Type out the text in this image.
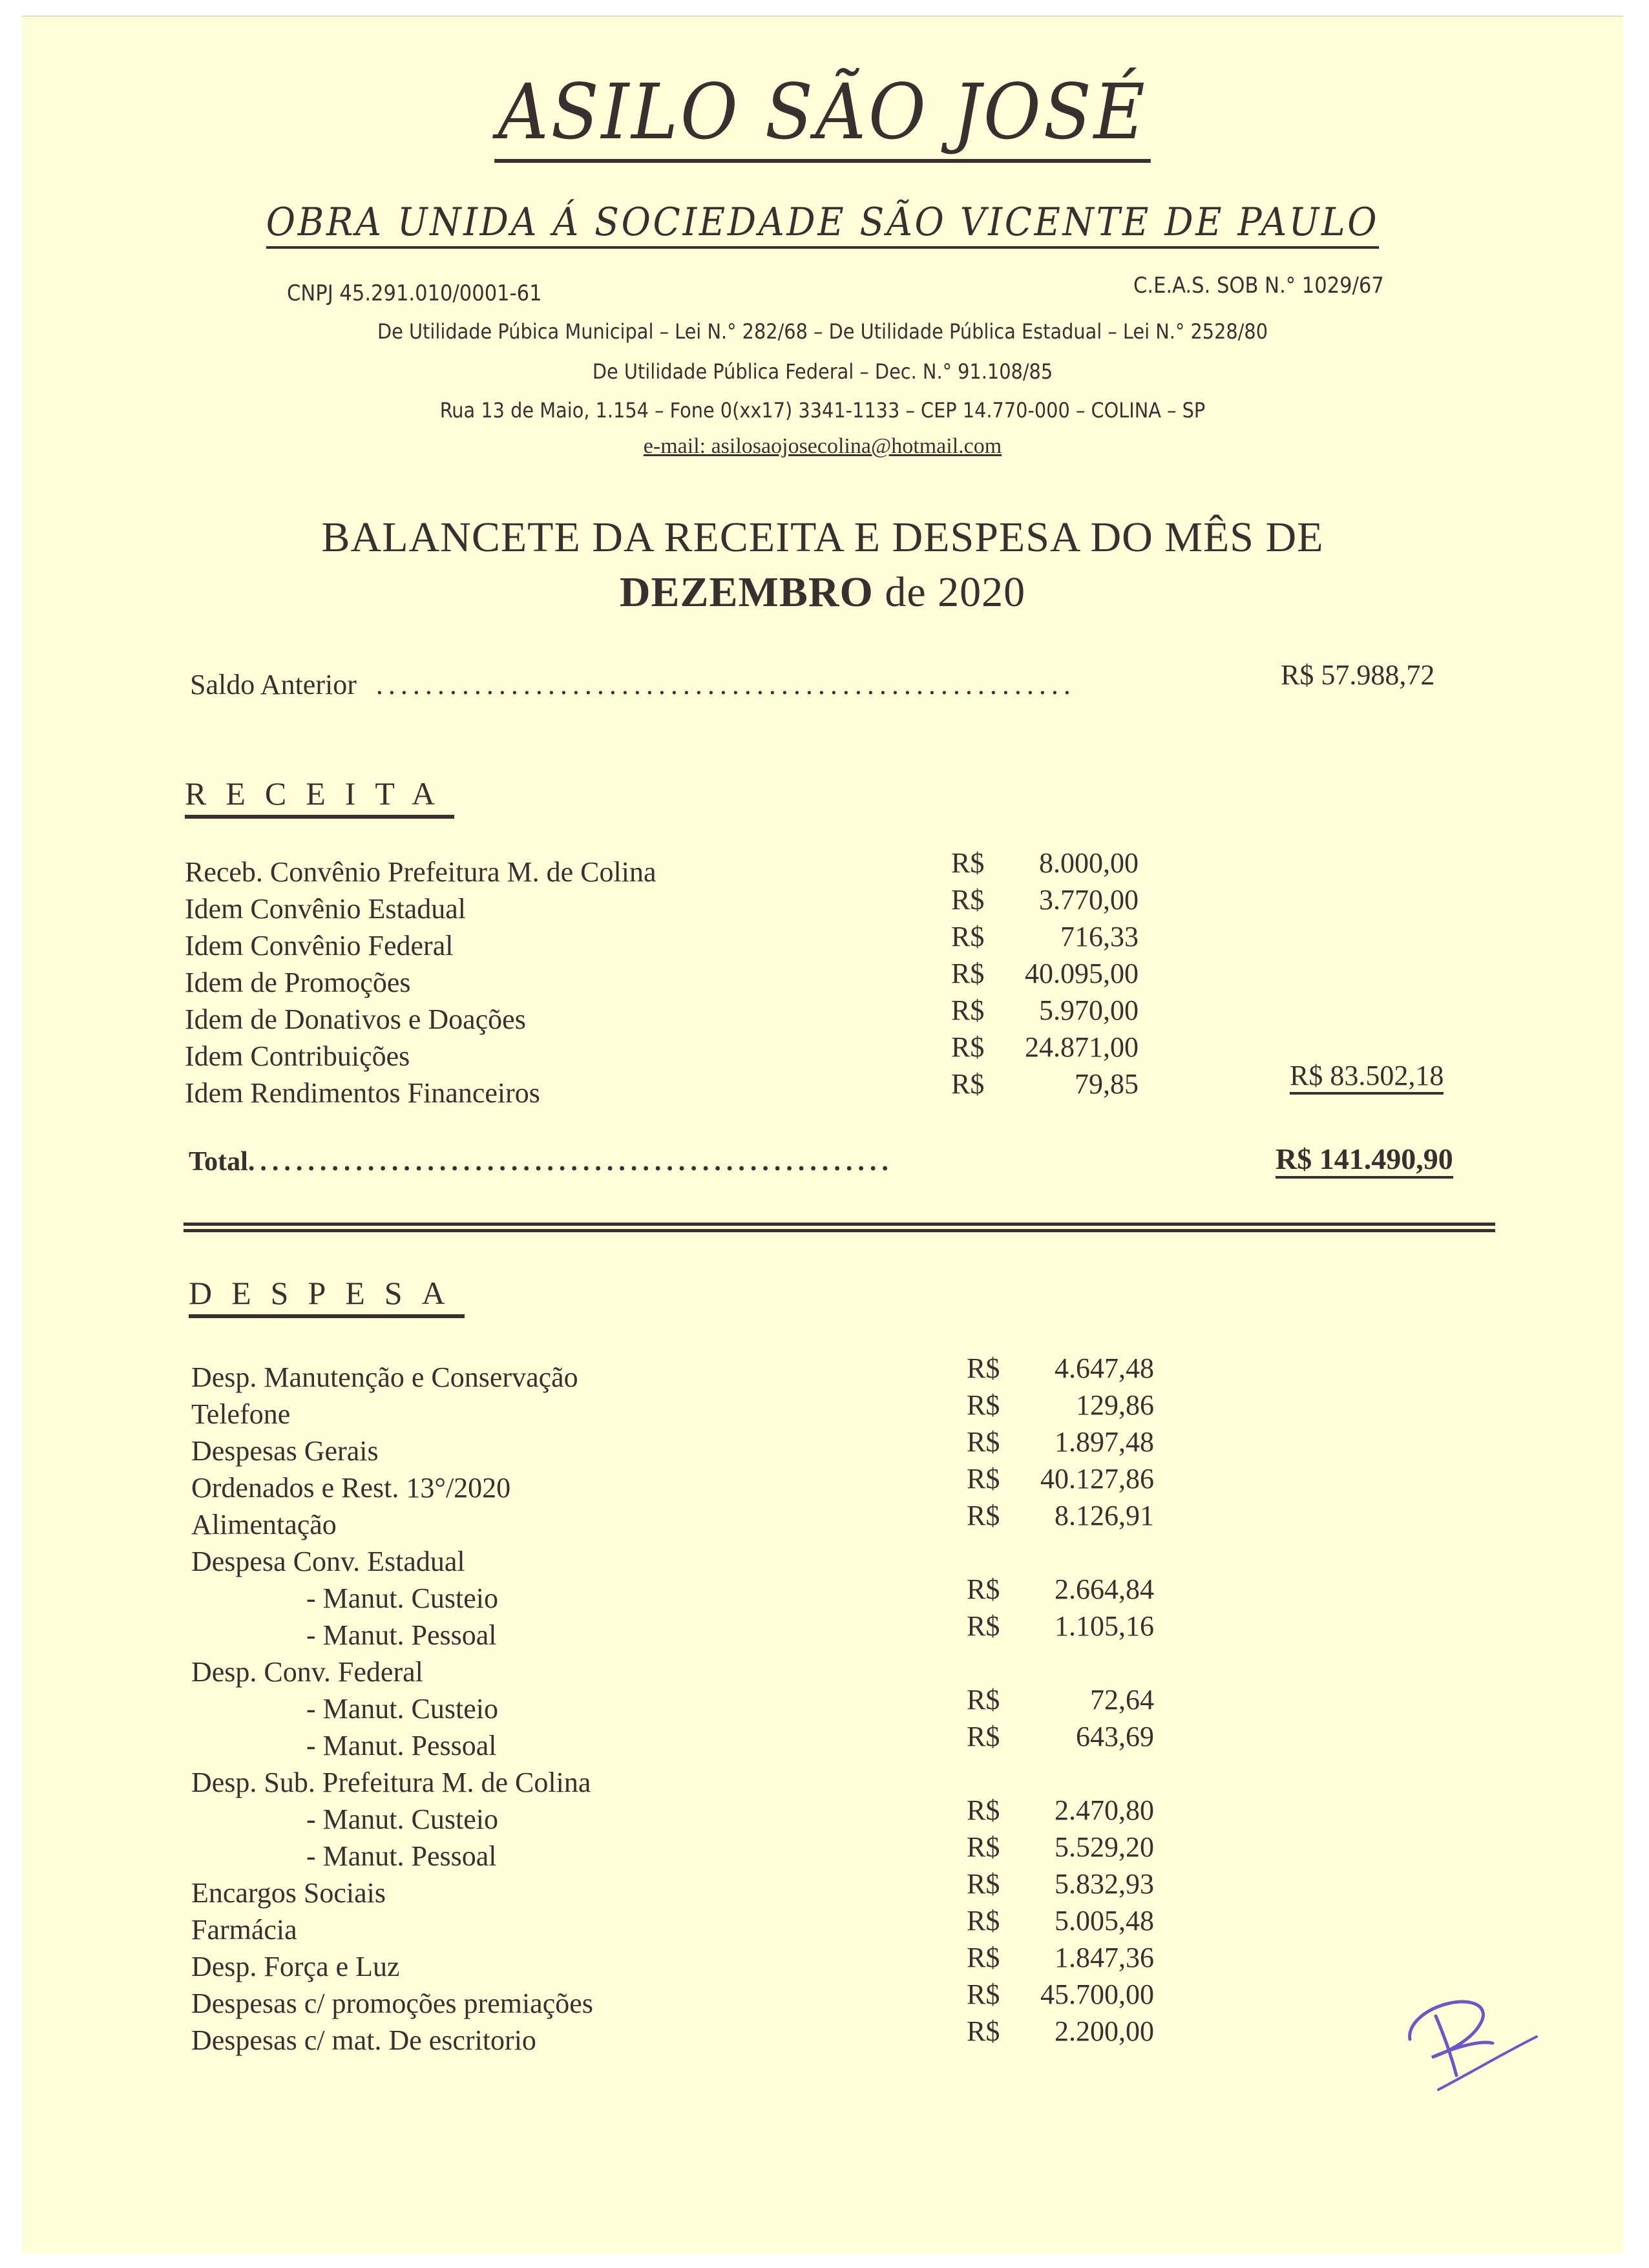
ASILO SÃO JOSÉ
OBRA UNIDA Á SOCIEDADE SÃO VICENTE DE PAULO
CNPJ 45.291.010/0001-61	C.E.A.S. SOB N.° 1029/67
De Utilidade Púbica Municipal – Lei N.° 282/68 – De Utilidade Pública Estadual – Lei N.° 2528/80
De Utilidade Pública Federal – Dec. N.° 91.108/85
Rua 13 de Maio, 1.154 – Fone 0(xx17) 3341-1133 – CEP 14.770-000 – COLINA – SP
e-mail: asilosaojosecolina@hotmail.com
BALANCETE DA RECEITA E DESPESA DO MÊS DE
DEZEMBRO de 2020
Saldo Anterior  .........................................................	R$ 57.988,72
RECEITA
Receb. Convênio Prefeitura M. de Colina	R$ 8.000,00
Idem Convênio Estadual	R$ 3.770,00
Idem Convênio Federal	R$	716,33
Idem de Promoções	R$ 40.095,00
Idem de Donativos e Doações	R$ 5.970,00
Idem Contribuições	R$ 24.871,00
Idem Rendimentos Financeiros	R$	79,85	R$ 83.502,18
Total......................................................	R$ 141.490,90
DESPESA
Desp. Manutenção e Conservação	R$ 4.647,48
Telefone	R$	129,86
Despesas Gerais	R$ 1.897,48
Ordenados e Rest. 13°/2020	R$ 40.127,86
Alimentação	R$ 8.126,91
Despesa Conv. Estadual
- Manut. Custeio	R$ 2.664,84
- Manut. Pessoal	R$ 1.105,16
Desp. Conv. Federal
- Manut. Custeio	R$	72,64
- Manut. Pessoal	R$	643,69
Desp. Sub. Prefeitura M. de Colina
- Manut. Custeio	R$ 2.470,80
- Manut. Pessoal	R$ 5.529,20
Encargos Sociais	R$ 5.832,93
Farmácia	R$ 5.005,48
Desp. Força e Luz	R$ 1.847,36
Despesas c/ promoções premiações	R$ 45.700,00
Despesas c/ mat. De escritorio	R$ 2.200,00
